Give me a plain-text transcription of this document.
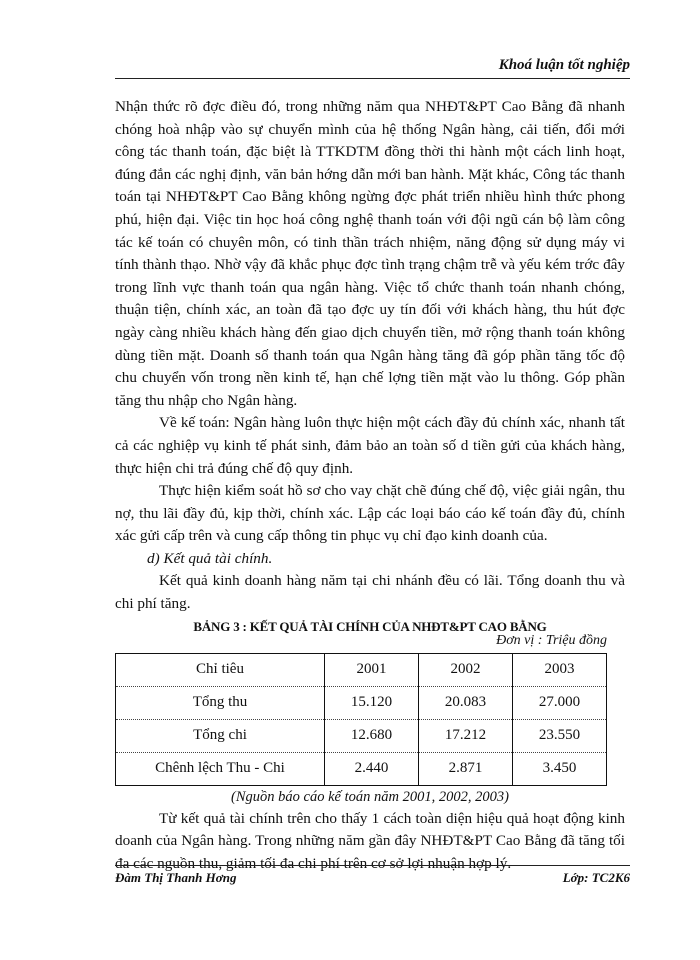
Khoá luận tốt nghiệp

Nhận thức rõ đợc điều đó, trong những năm qua NHĐT&PT Cao Bằng đã nhanh chóng hoà nhập vào sự chuyển mình của hệ thống Ngân hàng, cải tiến, đổi mới công tác thanh toán, đặc biệt là TTKDTM đồng thời thi hành một cách linh hoạt, đúng đắn các nghị định, văn bản hớng dẫn mới ban hành. Mặt khác, Công tác thanh toán tại NHĐT&PT Cao Bằng không ngừng đợc phát triển nhiều hình thức phong phú, hiện đại. Việc tin học hoá công nghệ thanh toán với đội ngũ cán bộ làm công tác kế toán có chuyên môn, có tinh thần trách nhiệm, năng động sử dụng máy vi tính thành thạo. Nhờ vậy đã khắc phục đợc tình trạng chậm trễ và yếu kém trớc đây trong lĩnh vực thanh toán qua ngân hàng. Việc tổ chức thanh toán nhanh chóng, thuận tiện, chính xác, an toàn đã tạo đợc uy tín đối với khách hàng, thu hút đợc ngày càng nhiều khách hàng đến giao dịch chuyển tiền, mở rộng thanh toán không dùng tiền mặt. Doanh số thanh toán qua Ngân hàng tăng đã góp phần tăng tốc độ chu chuyển vốn trong nền kinh tế, hạn chế lợng tiền mặt vào lu thông. Góp phần tăng thu nhập cho Ngân hàng.

Về kế toán: Ngân hàng luôn thực hiện một cách đầy đủ chính xác, nhanh tất cả các nghiệp vụ kinh tế phát sinh, đảm bảo an toàn số d tiền gửi của khách hàng, thực hiện chi trả đúng chế độ quy định.

Thực hiện kiểm soát hồ sơ cho vay chặt chẽ đúng chế độ, việc giải ngân, thu nợ, thu lãi đầy đủ, kịp thời, chính xác. Lập các loại báo cáo kế toán đầy đủ, chính xác gửi cấp trên và cung cấp thông tin phục vụ chỉ đạo kinh doanh của.

d) Kết quả tài chính.

Kết quả kinh doanh hàng năm tại chi nhánh đều có lãi. Tổng doanh thu và chi phí tăng.

BẢNG 3 : KẾT QUẢ TÀI CHÍNH CỦA NHĐT&PT CAO BẰNG
Đơn vị : Triệu đồng
Chỉ tiêu	2001	2002	2003
Tổng thu	15.120	20.083	27.000
Tổng chi	12.680	17.212	23.550
Chênh lệch Thu - Chi	2.440	2.871	3.450
(Nguồn báo cáo kế toán năm 2001, 2002, 2003)

Từ kết quả tài chính trên cho thấy 1 cách toàn diện hiệu quả hoạt động kinh doanh của Ngân hàng. Trong những năm gần đây NHĐT&PT Cao Bằng đã tăng tối đa các nguồn thu, giảm tối đa chi phí trên cơ sở lợi nhuận hợp lý.

Đàm Thị Thanh Hơng	Lớp: TC2K6
